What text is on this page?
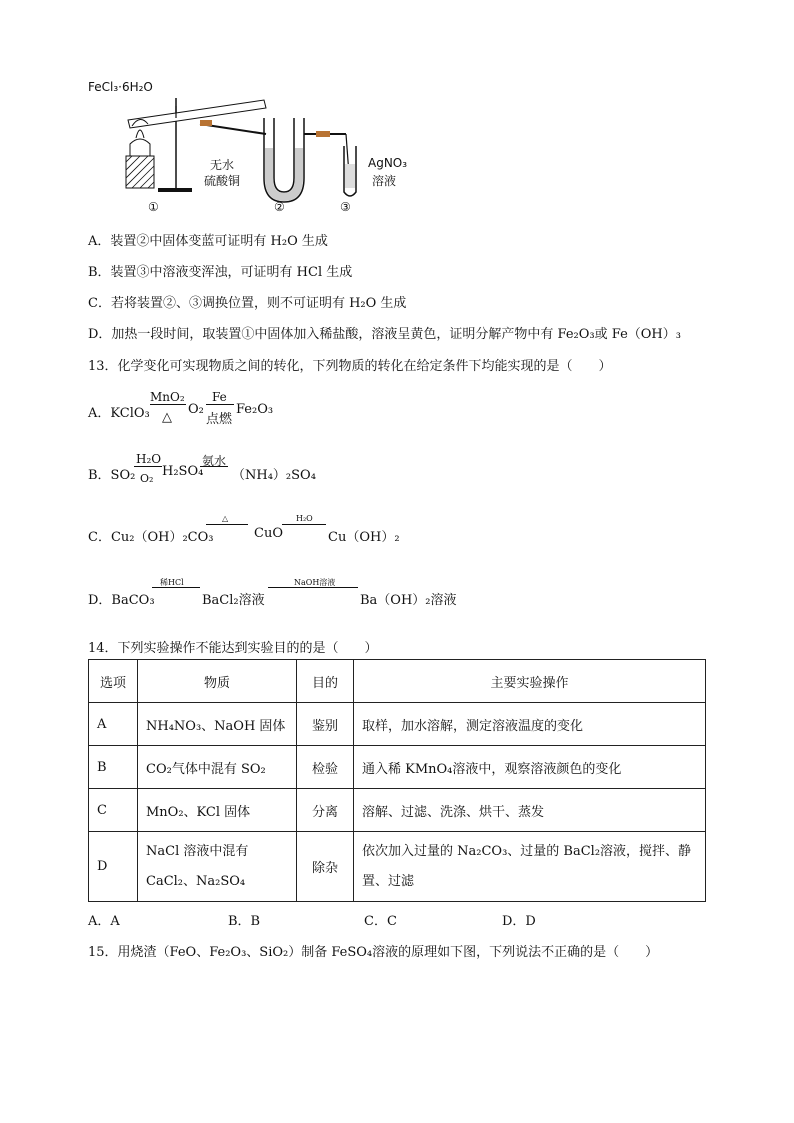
FeCl₃·6H₂O
无水
硫酸铜
AgNO₃
溶液
①	②	③
A．装置②中固体变蓝可证明有 H₂O 生成
B．装置③中溶液变浑浊，可证明有 HCl 生成
C．若将装置②、③调换位置，则不可证明有 H₂O 生成
D．加热一段时间，取装置①中固体加入稀盐酸，溶液呈黄色，证明分解产物中有 Fe₂O₃或 Fe（OH）₃
13．化学变化可实现物质之间的转化，下列物质的转化在给定条件下均能实现的是（　　）
A．KClO₃
MnO₂
△
O₂
Fe
点燃
Fe₂O₃
B．SO₂
H₂O
O₂ H₂SO₄
氨水
（NH₄）₂SO₄
C．Cu₂（OH）₂CO₃
△
CuO
H₂O
Cu（OH）₂
D．BaCO₃
稀HCl
BaCl₂溶液
NaOH溶液
Ba（OH）₂溶液
14．下列实验操作不能达到实验目的的是（　　）
选项	物质	目的	主要实验操作
A	NH₄NO₃、NaOH 固体	鉴别	取样，加水溶解，测定溶液温度的变化
B	CO₂气体中混有 SO₂	检验	通入稀 KMnO₄溶液中，观察溶液颜色的变化
C	MnO₂、KCl 固体	分离	溶解、过滤、洗涤、烘干、蒸发
D	NaCl 溶液中混有 CaCl₂、Na₂SO₄	除杂	依次加入过量的 Na₂CO₃、过量的 BaCl₂溶液，搅拌、静置、过滤
A．A	B．B	C．C	D．D
15．用烧渣（FeO、Fe₂O₃、SiO₂）制备 FeSO₄溶液的原理如下图，下列说法不正确的是（　　）
